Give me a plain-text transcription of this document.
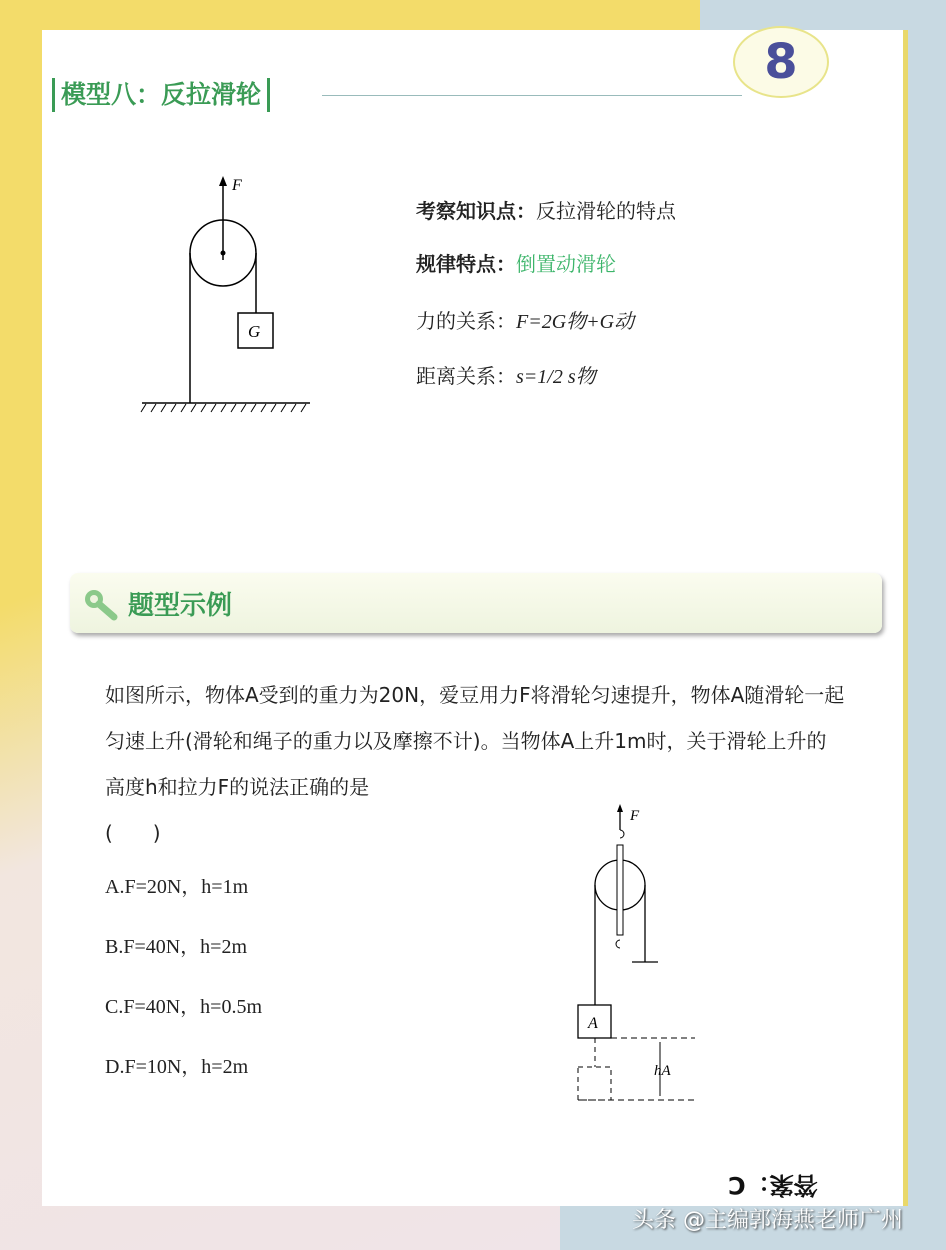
模型八：反拉滑轮
8
F
G
考察知识点：反拉滑轮的特点
规律特点：倒置动滑轮
力的关系：F=2G物+G动
距离关系：s=1/2 s物
题型示例
如图所示，物体A受到的重力为20N，爱豆用力F将滑轮匀速提升，物体A随滑轮一起匀速上升(滑轮和绳子的重力以及摩擦不计)。当物体A上升1m时，关于滑轮上升的高度h和拉力F的说法正确的是
(　　)
A.F=20N，h=1m
B.F=40N，h=2m
C.F=40N，h=0.5m
D.F=10N，h=2m
F
A
hA
答案：C
头条 @主编郭海燕老师广州
